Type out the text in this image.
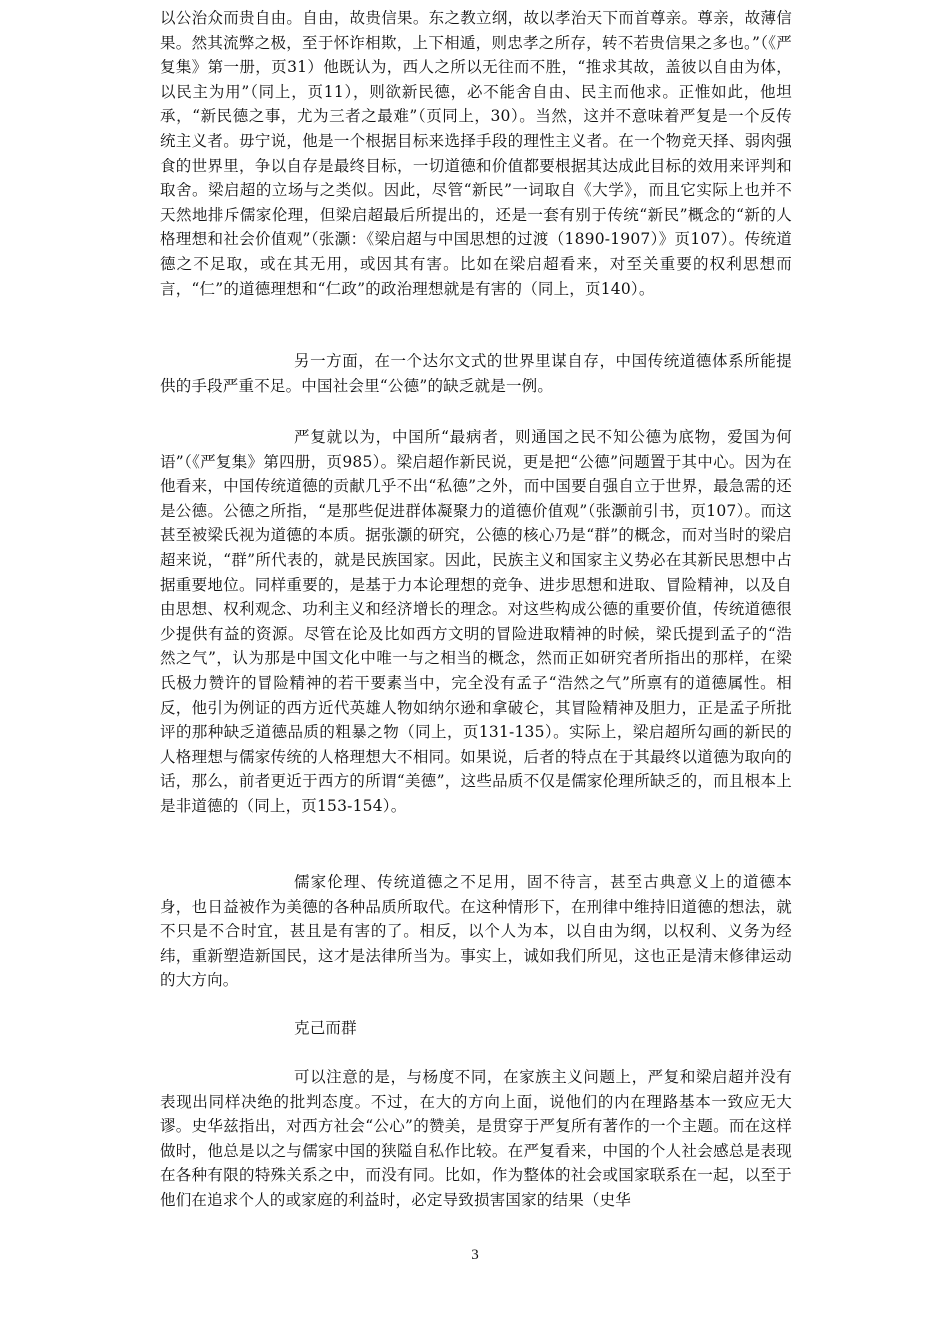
以公治众而贵自由。自由，故贵信果。东之教立纲，故以孝治天下而首尊亲。尊亲，故薄信果。然其流弊之极，至于怀诈相欺，上下相遁，则忠孝之所存，转不若贵信果之多也。”（《严复集》第一册，页31）他既认为，西人之所以无往而不胜，“推求其故，盖彼以自由为体，以民主为用”（同上，页11），则欲新民德，必不能舍自由、民主而他求。正惟如此，他坦承，“新民德之事，尤为三者之最难”（页同上，30）。当然，这并不意味着严复是一个反传统主义者。毋宁说，他是一个根据目标来选择手段的理性主义者。在一个物竞天择、弱肉强食的世界里，争以自存是最终目标，一切道德和价值都要根据其达成此目标的效用来评判和取舍。梁启超的立场与之类似。因此，尽管“新民”一词取自《大学》，而且它实际上也并不天然地排斥儒家伦理，但梁启超最后所提出的，还是一套有别于传统“新民”概念的“新的人格理想和社会价值观”（张灏：《梁启超与中国思想的过渡（1890-1907）》页107）。传统道德之不足取，或在其无用，或因其有害。比如在梁启超看来，对至关重要的权利思想而言，“仁”的道德理想和“仁政”的政治理想就是有害的（同上，页140）。

另一方面，在一个达尔文式的世界里谋自存，中国传统道德体系所能提供的手段严重不足。中国社会里“公德”的缺乏就是一例。

严复就以为，中国所“最病者，则通国之民不知公德为底物，爱国为何语”（《严复集》第四册，页985）。梁启超作新民说，更是把“公德”问题置于其中心。因为在他看来，中国传统道德的贡献几乎不出“私德”之外，而中国要自强自立于世界，最急需的还是公德。公德之所指，“是那些促进群体凝聚力的道德价值观”（张灏前引书，页107）。而这甚至被梁氏视为道德的本质。据张灏的研究，公德的核心乃是“群”的概念，而对当时的梁启超来说，“群”所代表的，就是民族国家。因此，民族主义和国家主义势必在其新民思想中占据重要地位。同样重要的，是基于力本论理想的竞争、进步思想和进取、冒险精神，以及自由思想、权利观念、功利主义和经济增长的理念。对这些构成公德的重要价值，传统道德很少提供有益的资源。尽管在论及比如西方文明的冒险进取精神的时候，梁氏提到孟子的“浩然之气”，认为那是中国文化中唯一与之相当的概念，然而正如研究者所指出的那样，在梁氏极力赞许的冒险精神的若干要素当中，完全没有孟子“浩然之气”所禀有的道德属性。相反，他引为例证的西方近代英雄人物如纳尔逊和拿破仑，其冒险精神及胆力，正是孟子所批评的那种缺乏道德品质的粗暴之物（同上，页131-135）。实际上，梁启超所勾画的新民的人格理想与儒家传统的人格理想大不相同。如果说，后者的特点在于其最终以道德为取向的话，那么，前者更近于西方的所谓“美德”，这些品质不仅是儒家伦理所缺乏的，而且根本上是非道德的（同上，页153-154）。

儒家伦理、传统道德之不足用，固不待言，甚至古典意义上的道德本身，也日益被作为美德的各种品质所取代。在这种情形下，在刑律中维持旧道德的想法，就不只是不合时宜，甚且是有害的了。相反，以个人为本，以自由为纲，以权利、义务为经纬，重新塑造新国民，这才是法律所当为。事实上，诚如我们所见，这也正是清末修律运动的大方向。

克己而群

可以注意的是，与杨度不同，在家族主义问题上，严复和梁启超并没有表现出同样决绝的批判态度。不过，在大的方向上面，说他们的内在理路基本一致应无大谬。史华兹指出，对西方社会“公心”的赞美，是贯穿于严复所有著作的一个主题。而在这样做时，他总是以之与儒家中国的狭隘自私作比较。在严复看来，中国的个人社会感总是表现在各种有限的特殊关系之中，而没有同。比如，作为整体的社会或国家联系在一起，以至于他们在追求个人的或家庭的利益时，必定导致损害国家的结果（史华

3
